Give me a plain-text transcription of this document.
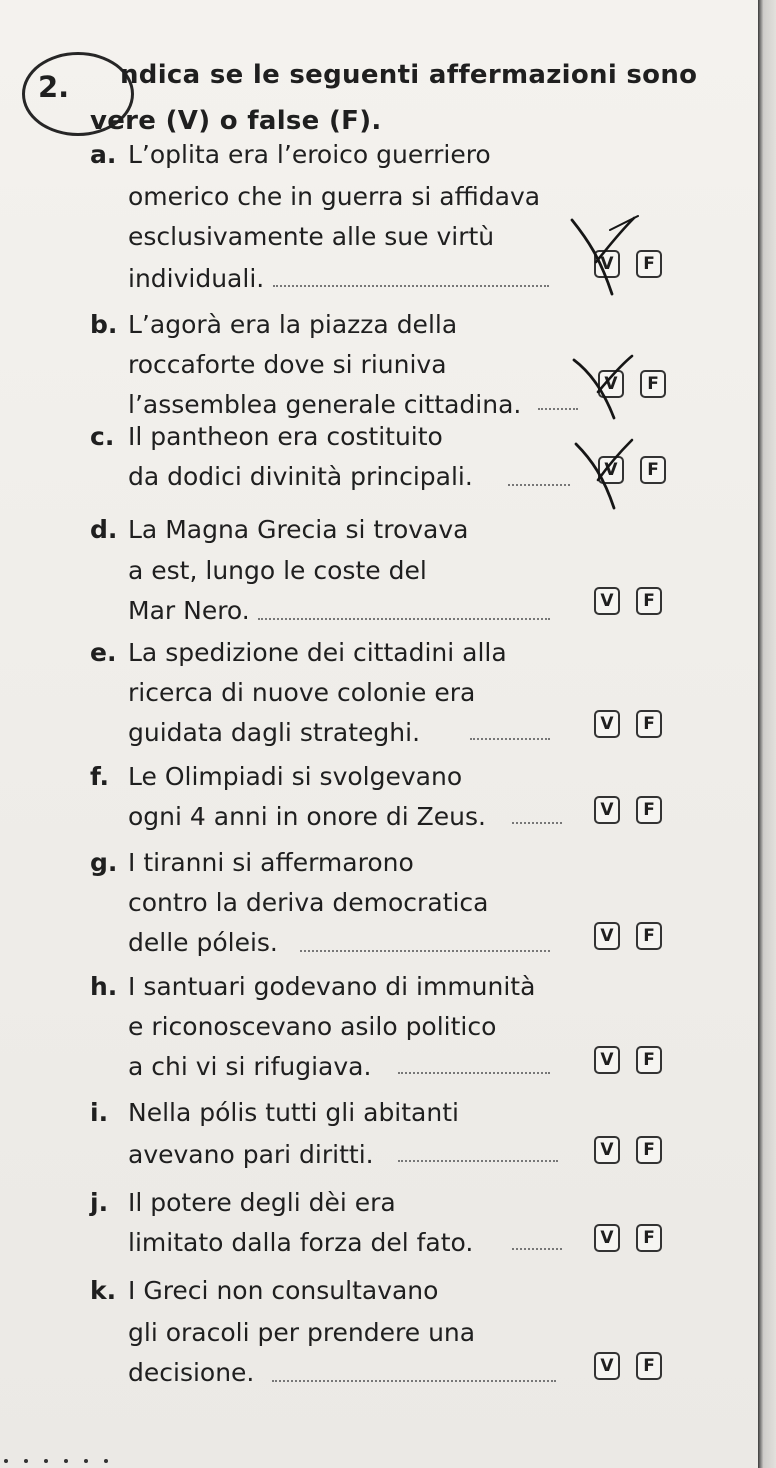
2. ndica se le seguenti affermazioni sono
vere (V) o false (F).
a. L’oplita era l’eroico guerriero
omerico che in guerra si affidava
esclusivamente alle sue virtù
individuali.	V	F
b. L’agorà era la piazza della
roccaforte dove si riuniva
l’assemblea generale cittadina.
V	F
c. Il pantheon era costituito
da dodici divinità principali.	V	F
d. La Magna Grecia si trovava
a est, lungo le coste del
Mar Nero.	V	F
e. La spedizione dei cittadini alla
ricerca di nuove colonie era
guidata dagli strateghi.	V	F
f. Le Olimpiadi si svolgevano
ogni 4 anni in onore di Zeus.	V	F
g. I tiranni si affermarono
contro la deriva democratica
delle póleis.	V	F
h. I santuari godevano di immunità
e riconoscevano asilo politico
a chi vi si rifugiava.	V	F
i. Nella pólis tutti gli abitanti
avevano pari diritti.	V	F
j. Il potere degli dèi era
limitato dalla forza del fato.	V	F
k. I Greci non consultavano
gli oracoli per prendere una
decisione.	V	F
